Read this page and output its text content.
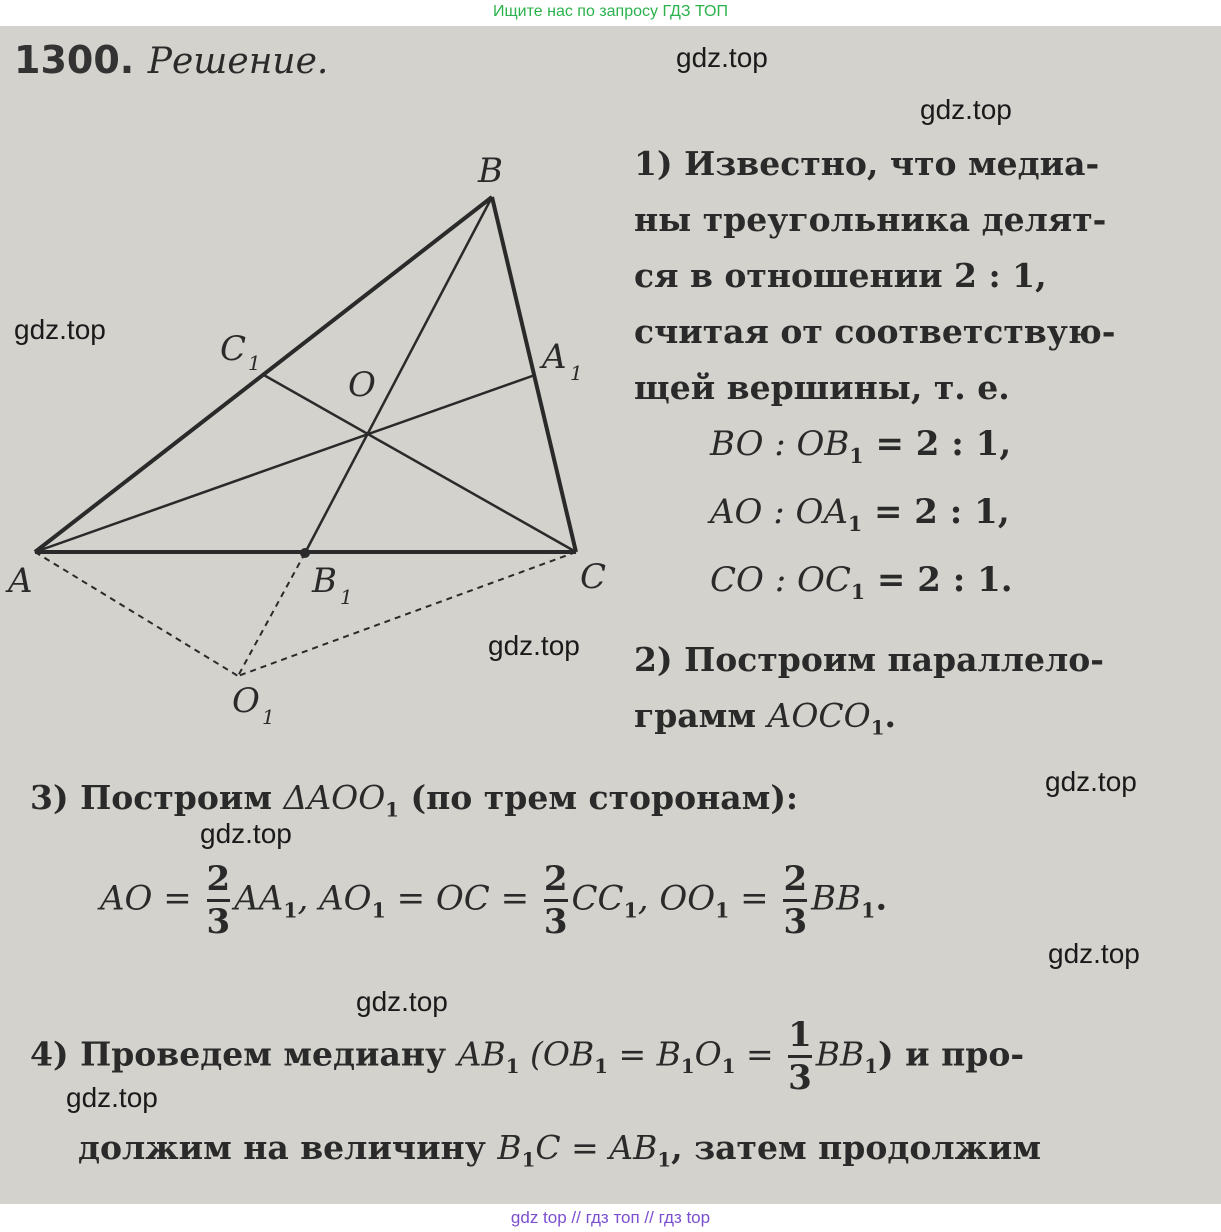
Ищите нас по запросу ГДЗ ТОП
B
A	C
O
C 1	A 1
B 1
O 1
1300. Решение.
1) Известно, что медиа-
ны треугольника делят-
ся в отношении 2 : 1,
считая от соответствую-
щей вершины, т. е.
BO : $OB_1 = 2$ : 1,
AO : $OA_1 = 2$ : 1,
CO : $OC_1 = 2$ : 1.
2) Построим параллело-
грамм $AOCO_1$.
3) Построим $\Delta AOO_1$ (по трем сторонам):
AO = $\frac{2}{3} AA_1$, $AO_1$ = OC = $\frac{2}{3} CC_1$, $OO_1 = \frac{2}{3} BB_1$.
4) Проведем медиану $AB_1$ $(OB_1 = B_1O_1 = \frac{1}{3} BB_1)$ и про-
должим на величину $B_1C = AB_1$, затем продолжим
gdz.top
gdz.top
gdz.top
gdz.top
gdz.top
gdz.top
gdz.top
gdz.top
gdz.top
gdz top // гдз топ // гдз top
